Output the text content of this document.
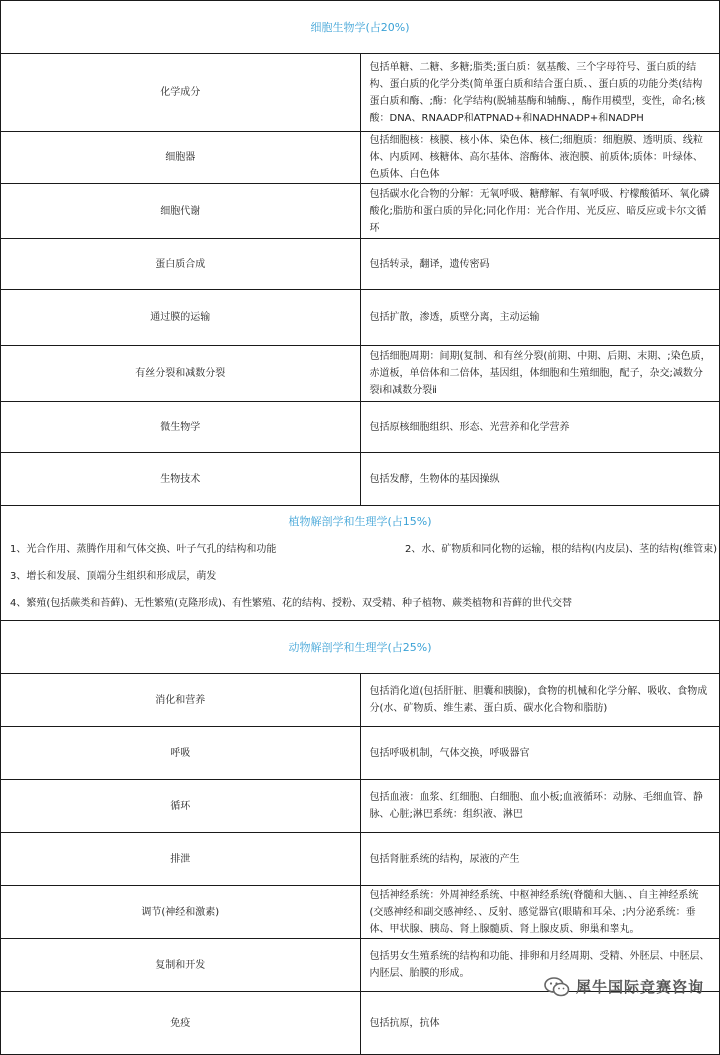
细胞生物学(占20%)	
化学成分	包括单糖、二糖、多糖;脂类;蛋白质：氨基酸、三个字母符号、蛋白质的结构、蛋白质的化学分类(简单蛋白质和结合蛋白质、、蛋白质的功能分类(结构蛋白质和酶、;酶：化学结构(脱辅基酶和辅酶、，酶作用模型，变性，命名;核酸：DNA、RNAADP和ATPNAD+和NADHNADP+和NADPH
细胞器	包括细胞核：核膜、核小体、染色体、核仁;细胞质：细胞膜、透明质、线粒体、内质网、核糖体、高尔基体、溶酶体、液泡膜、前质体;质体：叶绿体、色质体、白色体
细胞代谢	包括碳水化合物的分解：无氧呼吸、糖酵解、有氧呼吸、柠檬酸循环、氧化磷酸化;脂肪和蛋白质的异化;同化作用：光合作用、光反应、暗反应或卡尔文循环
蛋白质合成	包括转录，翻译，遗传密码
通过膜的运输	包括扩散，渗透，质壁分离，主动运输
有丝分裂和减数分裂	包括细胞周期：间期(复制、和有丝分裂(前期、中期、后期、末期、;染色质，赤道板，单倍体和二倍体，基因组，体细胞和生殖细胞，配子，杂交;减数分裂ⅰ和减数分裂ⅱ
微生物学	包括原核细胞组织、形态、光营养和化学营养
生物技术	包括发酵，生物体的基因操纵

植物解剖学和生理学(占15%)
1、光合作用、蒸腾作用和气体交换、叶子气孔的结构和功能 2、水、矿物质和同化物的运输，根的结构(内皮层)、茎的结构(维管束)
3、增长和发展、顶端分生组织和形成层，萌发
4、繁殖(包括蕨类和苔藓)、无性繁殖(克隆形成)、有性繁殖、花的结构、授粉、双受精、种子植物、蕨类植物和苔藓的世代交替	

动物解剖学和生理学(占25%)	
消化和营养	包括消化道(包括肝脏、胆囊和胰腺)，食物的机械和化学分解、吸收、食物成分(水、矿物质、维生素、蛋白质、碳水化合物和脂肪)
呼吸	包括呼吸机制，气体交换，呼吸器官
循环	包括血液：血浆、红细胞、白细胞、血小板;血液循环：动脉、毛细血管、静脉、心脏;淋巴系统：组织液、淋巴
排泄	包括肾脏系统的结构，尿液的产生
调节(神经和激素)	包括神经系统：外周神经系统、中枢神经系统(脊髓和大脑、、自主神经系统(交感神经和副交感神经、、反射、感觉器官(眼睛和耳朵、;内分泌系统：垂体、甲状腺、胰岛、肾上腺髓质、肾上腺皮质、卵巢和睾丸。
复制和开发	包括男女生殖系统的结构和功能、排卵和月经周期、受精、外胚层、中胚层、内胚层、胎膜的形成。
免疫	包括抗原，抗体
犀牛国际竞赛咨询
